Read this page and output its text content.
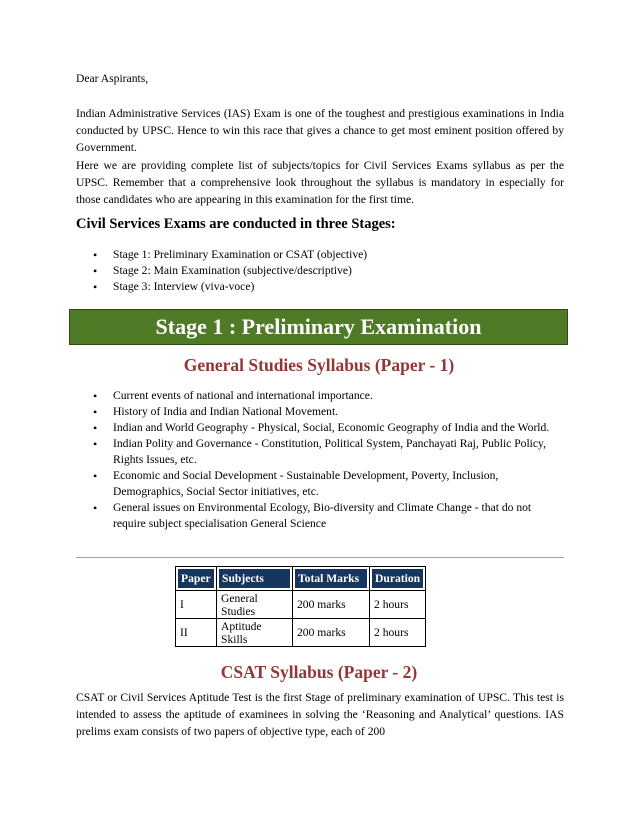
Dear Aspirants,

Indian Administrative Services (IAS) Exam is one of the toughest and prestigious examinations in India conducted by UPSC. Hence to win this race that gives a chance to get most eminent position offered by Government.

Here we are providing complete list of subjects/topics for Civil Services Exams syllabus as per the UPSC. Remember that a comprehensive look throughout the syllabus is mandatory in especially for those candidates who are appearing in this examination for the first time.

Civil Services Exams are conducted in three Stages:

• Stage 1: Preliminary Examination or CSAT (objective)
• Stage 2: Main Examination (subjective/descriptive)
• Stage 3: Interview (viva-voce)
Stage 1 : Preliminary Examination
General Studies Syllabus (Paper - 1)
• Current events of national and international importance.
• History of India and Indian National Movement.
• Indian and World Geography - Physical, Social, Economic Geography of India and the World.
• Indian Polity and Governance - Constitution, Political System, Panchayati Raj, Public Policy, Rights Issues, etc.
• Economic and Social Development - Sustainable Development, Poverty, Inclusion, Demographics, Social Sector initiatives, etc.
• General issues on Environmental Ecology, Bio-diversity and Climate Change - that do not require subject specialisation General Science
Paper	Subjects	Total Marks	Duration

I	General Studies	200 marks	2 hours
II	Aptitude Skills	200 marks	2 hours
CSAT Syllabus (Paper - 2)

CSAT or Civil Services Aptitude Test is the first Stage of preliminary examination of UPSC. This test is intended to assess the aptitude of examinees in solving the ‘Reasoning and Analytical’ questions. IAS prelims exam consists of two papers of objective type, each of 200
